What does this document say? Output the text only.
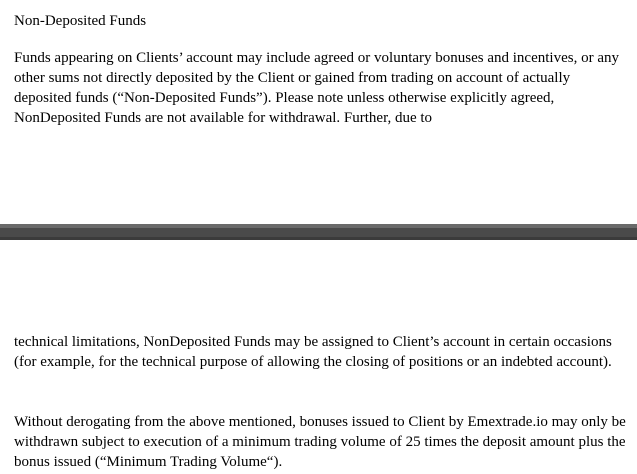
Non-Deposited Funds

Funds appearing on Clients’ account may include agreed or voluntary bonuses and incentives, or any other sums not directly deposited by the Client or gained from trading on account of actually deposited funds (“Non-Deposited Funds”). Please note unless otherwise explicitly agreed, NonDeposited Funds are not available for withdrawal. Further, due to

technical limitations, NonDeposited Funds may be assigned to Client’s account in certain occasions (for example, for the technical purpose of allowing the closing of positions or an indebted account).

Without derogating from the above mentioned, bonuses issued to Client by Emextrade.io may only be withdrawn subject to execution of a minimum trading volume of 25 times the deposit amount plus the bonus issued (“Minimum Trading Volume“).
